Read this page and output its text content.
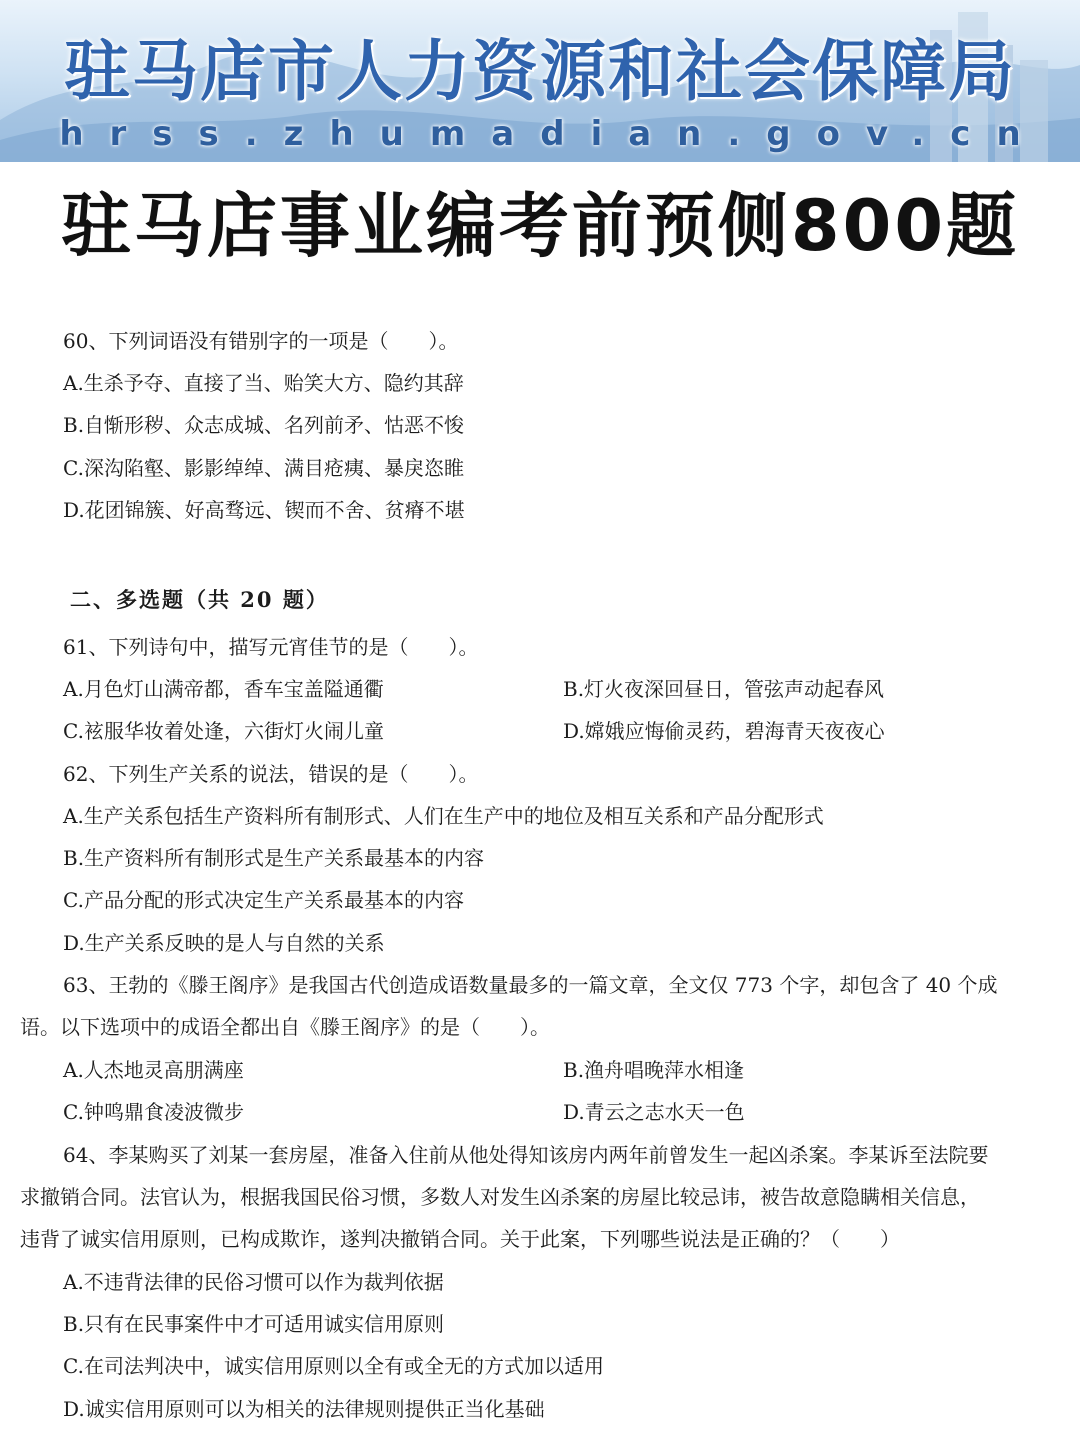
驻马店市人力资源和社会保障局
hrss.zhumadian.gov.cn
驻马店事业编考前预侧800题
60、下列词语没有错别字的一项是（　　）。
A.生杀予夺、直接了当、贻笑大方、隐约其辞
B.自惭形秽、众志成城、名列前矛、怙恶不悛
C.深沟陷壑、影影绰绰、满目疮痍、暴戾恣睢
D.花团锦簇、好高骛远、锲而不舍、贫瘠不堪
二、多选题（共 20 题）
61、下列诗句中，描写元宵佳节的是（　　）。
A.月色灯山满帝都，香车宝盖隘通衢	B.灯火夜深回昼日，管弦声动起春风
C.袨服华妆着处逢，六街灯火闹儿童	D.嫦娥应悔偷灵药，碧海青天夜夜心
62、下列生产关系的说法，错误的是（　　）。
A.生产关系包括生产资料所有制形式、人们在生产中的地位及相互关系和产品分配形式
B.生产资料所有制形式是生产关系最基本的内容
C.产品分配的形式决定生产关系最基本的内容
D.生产关系反映的是人与自然的关系
63、王勃的《滕王阁序》是我国古代创造成语数量最多的一篇文章，全文仅 773 个字，却包含了 40 个成
语。以下选项中的成语全都出自《滕王阁序》的是（　　）。
A.人杰地灵高朋满座	B.渔舟唱晚萍水相逢
C.钟鸣鼎食凌波微步	D.青云之志水天一色
64、李某购买了刘某一套房屋，准备入住前从他处得知该房内两年前曾发生一起凶杀案。李某诉至法院要
求撤销合同。法官认为，根据我国民俗习惯，多数人对发生凶杀案的房屋比较忌讳，被告故意隐瞒相关信息，
违背了诚实信用原则，已构成欺诈，遂判决撤销合同。关于此案，下列哪些说法是正确的？（　　）
A.不违背法律的民俗习惯可以作为裁判依据
B.只有在民事案件中才可适用诚实信用原则
C.在司法判决中，诚实信用原则以全有或全无的方式加以适用
D.诚实信用原则可以为相关的法律规则提供正当化基础
